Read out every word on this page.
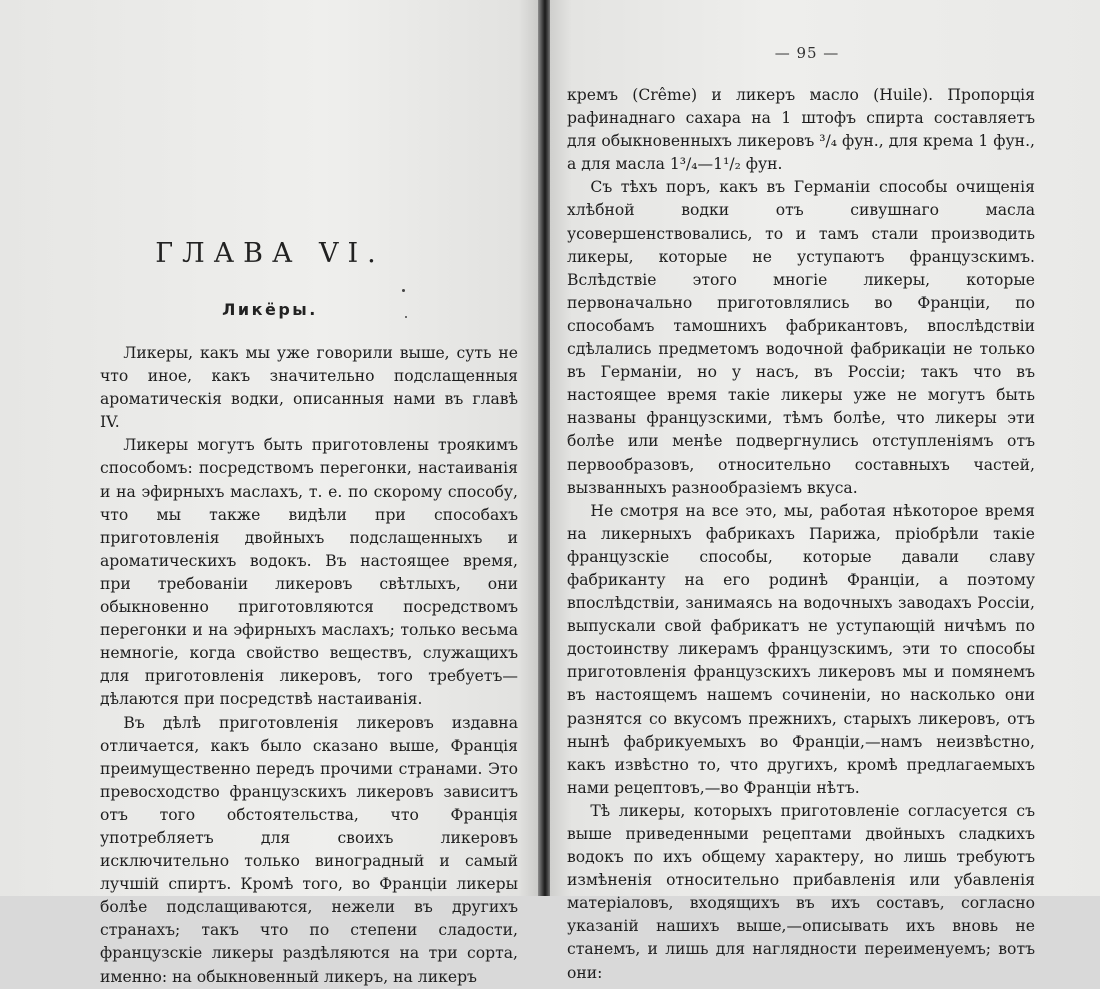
ГЛАВА VI.
Ликёры.

Ликеры, какъ мы уже говорили выше, суть не что иное, какъ значительно подслащенныя ароматическія водки, описанныя нами въ главѣ IV.

Ликеры могутъ быть приготовлены троякимъ способомъ: посредствомъ перегонки, настаиванія и на эфирныхъ маслахъ, т. е. по скорому способу, что мы также видѣли при способахъ приготовленія двойныхъ подслащенныхъ и ароматическихъ водокъ. Въ настоящее время, при требованіи ликеровъ свѣтлыхъ, они обыкновенно приготовляются посредствомъ перегонки и на эфирныхъ маслахъ; только весьма немногіе, когда свойство веществъ, служащихъ для приготовленія ликеровъ, того требуетъ—дѣлаются при посредствѣ настаиванія.

Въ дѣлѣ приготовленія ликеровъ издавна отличается, какъ было сказано выше, Франція преимущественно передъ прочими странами. Это превосходство французскихъ ликеровъ зависитъ отъ того обстоятельства, что Франція употребляетъ для своихъ ликеровъ исключительно только виноградный и самый лучшій спиртъ. Кромѣ того, во Франціи ликеры болѣе подслащиваются, нежели въ другихъ странахъ; такъ что по степени сладости, французскіе ликеры раздѣляются на три сорта, именно: на обыкновенный ликеръ, на ликеръ

— 95 —

кремъ (Crême) и ликеръ масло (Huile). Пропорція рафинаднаго сахара на 1 штофъ спирта составляетъ для обыкновенныхъ ликеровъ ³/₄ фун., для крема 1 фун., а для масла 1³/₄—1¹/₂ фун.

Съ тѣхъ поръ, какъ въ Германіи способы очищенія хлѣбной водки отъ сивушнаго масла усовершенствовались, то и тамъ стали производить ликеры, которые не уступаютъ французскимъ. Вслѣдствіе этого многіе ликеры, которые первоначально приготовлялись во Франціи, по способамъ тамошнихъ фабрикантовъ, впослѣдствіи сдѣлались предметомъ водочной фабрикаціи не только въ Германіи, но у насъ, въ Россіи; такъ что въ настоящее время такіе ликеры уже не могутъ быть названы французскими, тѣмъ болѣе, что ликеры эти болѣе или менѣе подвергнулись отступленіямъ отъ первообразовъ, относительно составныхъ частей, вызванныхъ разнообразіемъ вкуса.

Не смотря на все это, мы, работая нѣкоторое время на ликерныхъ фабрикахъ Парижа, пріобрѣли такіе французскіе способы, которые давали славу фабриканту на его родинѣ Франціи, а поэтому впослѣдствіи, занимаясь на водочныхъ заводахъ Россіи, выпускали свой фабрикатъ не уступающій ничѣмъ по достоинству ликерамъ французскимъ, эти то способы приготовленія французскихъ ликеровъ мы и помянемъ въ настоящемъ нашемъ сочиненіи, но насколько они разнятся со вкусомъ прежнихъ, старыхъ ликеровъ, отъ нынѣ фабрикуемыхъ во Франціи,—намъ неизвѣстно, какъ извѣстно то, что другихъ, кромѣ предлагаемыхъ нами рецептовъ,—во Франціи нѣтъ.

Тѣ ликеры, которыхъ приготовленіе согласуется съ выше приведенными рецептами двойныхъ сладкихъ водокъ по ихъ общему характеру, но лишь требуютъ измѣненія относительно прибавленія или убавленія матеріаловъ, входящихъ въ ихъ составъ, согласно указаній нашихъ выше,—описывать ихъ вновь не станемъ, и лишь для наглядности переименуемъ; вотъ они:
